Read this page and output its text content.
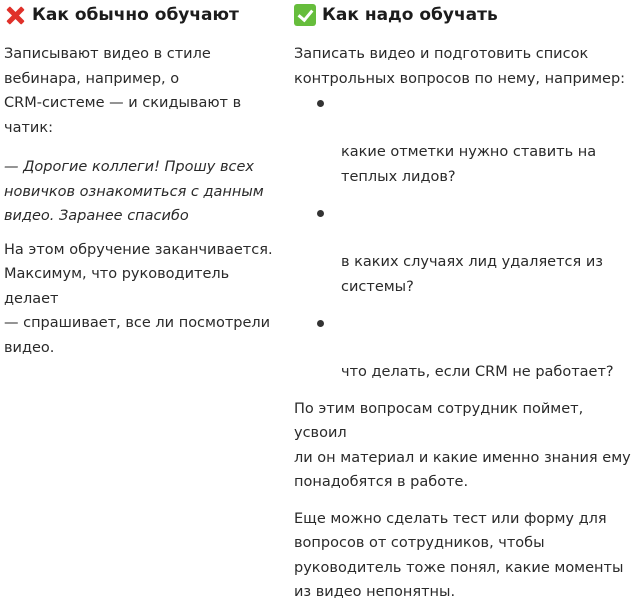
Как обычно обучают

Записывают видео в стиле
вебинара, например, о
CRM-системе — и скидывают в
чатик:

— Дорогие коллеги! Прошу всех
новичков ознакомиться с данным
видео. Заранее спасибо

На этом обручение заканчивается.
Максимум, что руководитель делает
— спрашивает, все ли посмотрели
видео.

Как надо обучать

Записать видео и подготовить список
контрольных вопросов по нему, например:

какие отметки нужно ставить на
теплых лидов?

в каких случаях лид удаляется из
системы?

что делать, если CRM не работает?

По этим вопросам сотрудник поймет, усвоил
ли он материал и какие именно знания ему
понадобятся в работе.

Еще можно сделать тест или форму для
вопросов от сотрудников, чтобы
руководитель тоже понял, какие моменты
из видео непонятны.
